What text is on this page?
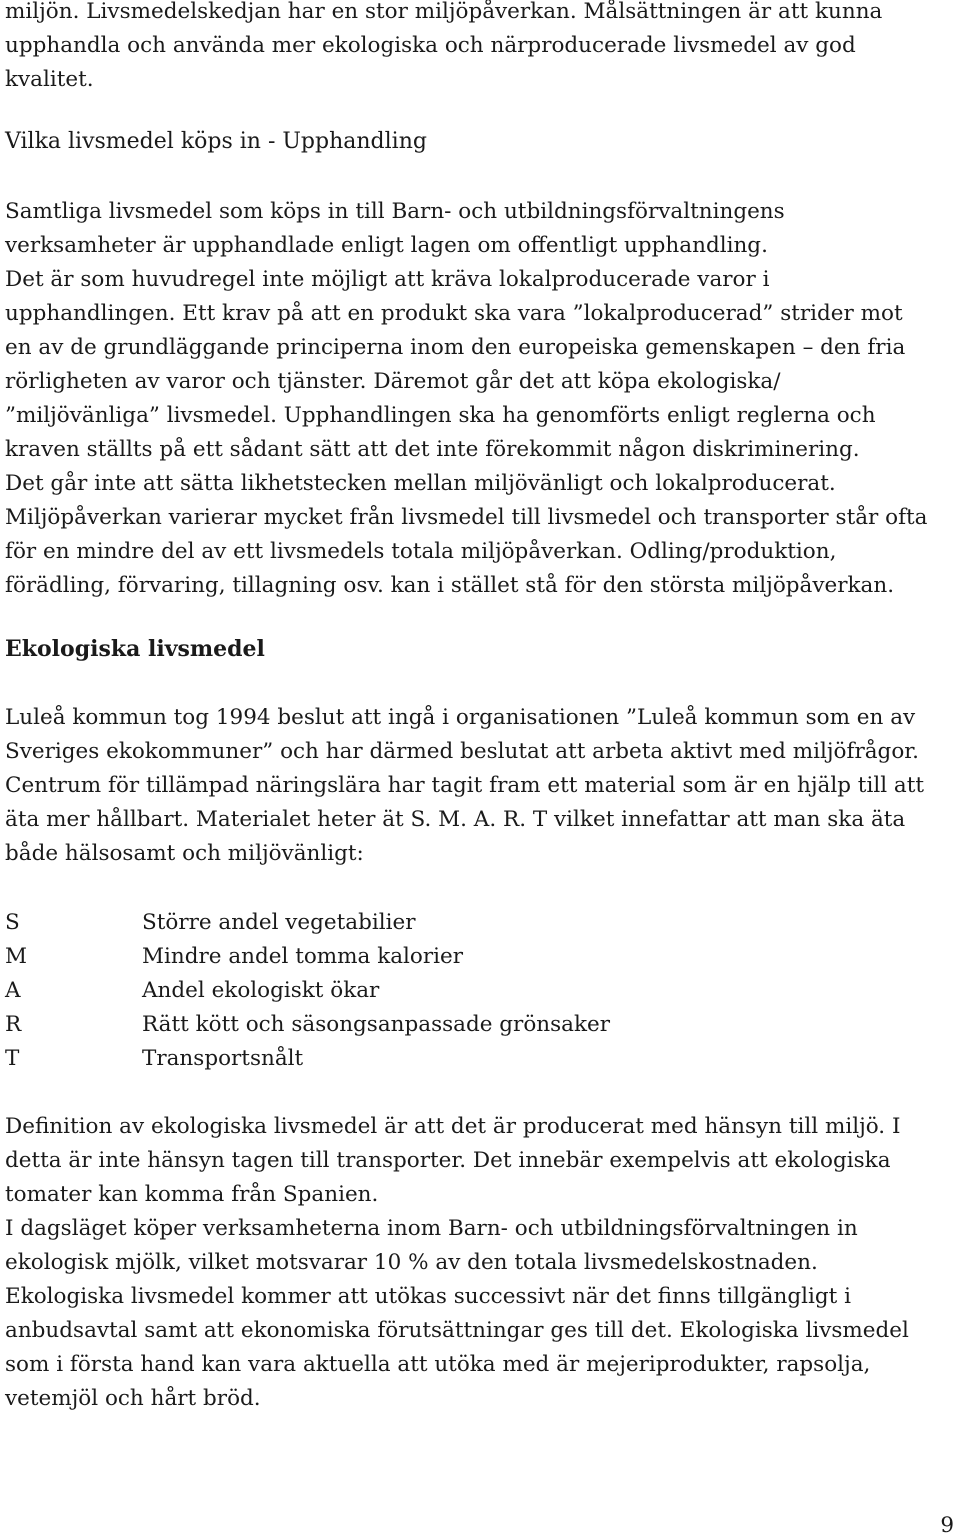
miljön. Livsmedelskedjan har en stor miljöpåverkan. Målsättningen är att kunna
upphandla och använda mer ekologiska och närproducerade livsmedel av god
kvalitet.
Vilka livsmedel köps in - Upphandling
Samtliga livsmedel som köps in till Barn- och utbildningsförvaltningens
verksamheter är upphandlade enligt lagen om offentligt upphandling.
Det är som huvudregel inte möjligt att kräva lokalproducerade varor i
upphandlingen. Ett krav på att en produkt ska vara ”lokalproducerad” strider mot
en av de grundläggande principerna inom den europeiska gemenskapen – den fria
rörligheten av varor och tjänster. Däremot går det att köpa ekologiska/
”miljövänliga” livsmedel. Upphandlingen ska ha genomförts enligt reglerna och
kraven ställts på ett sådant sätt att det inte förekommit någon diskriminering.
Det går inte att sätta likhetstecken mellan miljövänligt och lokalproducerat.
Miljöpåverkan varierar mycket från livsmedel till livsmedel och transporter står ofta
för en mindre del av ett livsmedels totala miljöpåverkan. Odling/produktion,
förädling, förvaring, tillagning osv. kan i stället stå för den största miljöpåverkan.
Ekologiska livsmedel
Luleå kommun tog 1994 beslut att ingå i organisationen ”Luleå kommun som en av
Sveriges ekokommuner” och har därmed beslutat att arbeta aktivt med miljöfrågor.
Centrum för tillämpad näringslära har tagit fram ett material som är en hjälp till att
äta mer hållbart. Materialet heter ät S. M. A. R. T vilket innefattar att man ska äta
både hälsosamt och miljövänligt:
S	Större andel vegetabilier
M	Mindre andel tomma kalorier
A	Andel ekologiskt ökar
R	Rätt kött och säsongsanpassade grönsaker
T	Transportsnålt
Definition av ekologiska livsmedel är att det är producerat med hänsyn till miljö. I
detta är inte hänsyn tagen till transporter. Det innebär exempelvis att ekologiska
tomater kan komma från Spanien.
I dagsläget köper verksamheterna inom Barn- och utbildningsförvaltningen in
ekologisk mjölk, vilket motsvarar 10 % av den totala livsmedelskostnaden.
Ekologiska livsmedel kommer att utökas successivt när det finns tillgängligt i
anbudsavtal samt att ekonomiska förutsättningar ges till det. Ekologiska livsmedel
som i första hand kan vara aktuella att utöka med är mejeriprodukter, rapsolja,
vetemjöl och hårt bröd.
9
